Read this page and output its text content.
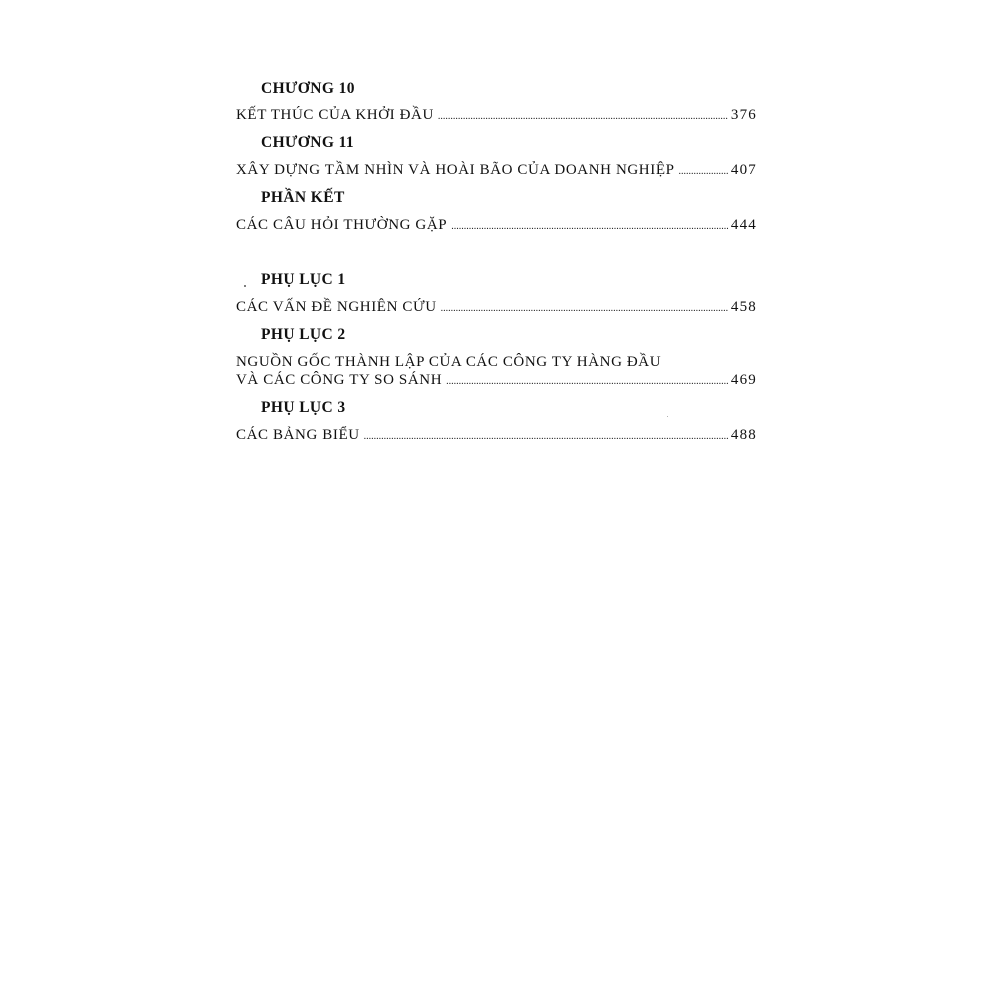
CHƯƠNG 10
KẾT THÚC CỦA KHỞI ĐẦU .....	376
CHƯƠNG 11
XÂY DỰNG TẦM NHÌN VÀ HOÀI BÃO CỦA DOANH NGHIỆP .....	407
PHẦN KẾT
CÁC CÂU HỎI THƯỜNG GẶP .....	444
PHỤ LỤC 1
CÁC VẤN ĐỀ NGHIÊN CỨU .....	458
PHỤ LỤC 2
NGUỒN GỐC THÀNH LẬP CỦA CÁC CÔNG TY HÀNG ĐẦU
VÀ CÁC CÔNG TY SO SÁNH .....	469
PHỤ LỤC 3
CÁC BẢNG BIỂU .....	488
